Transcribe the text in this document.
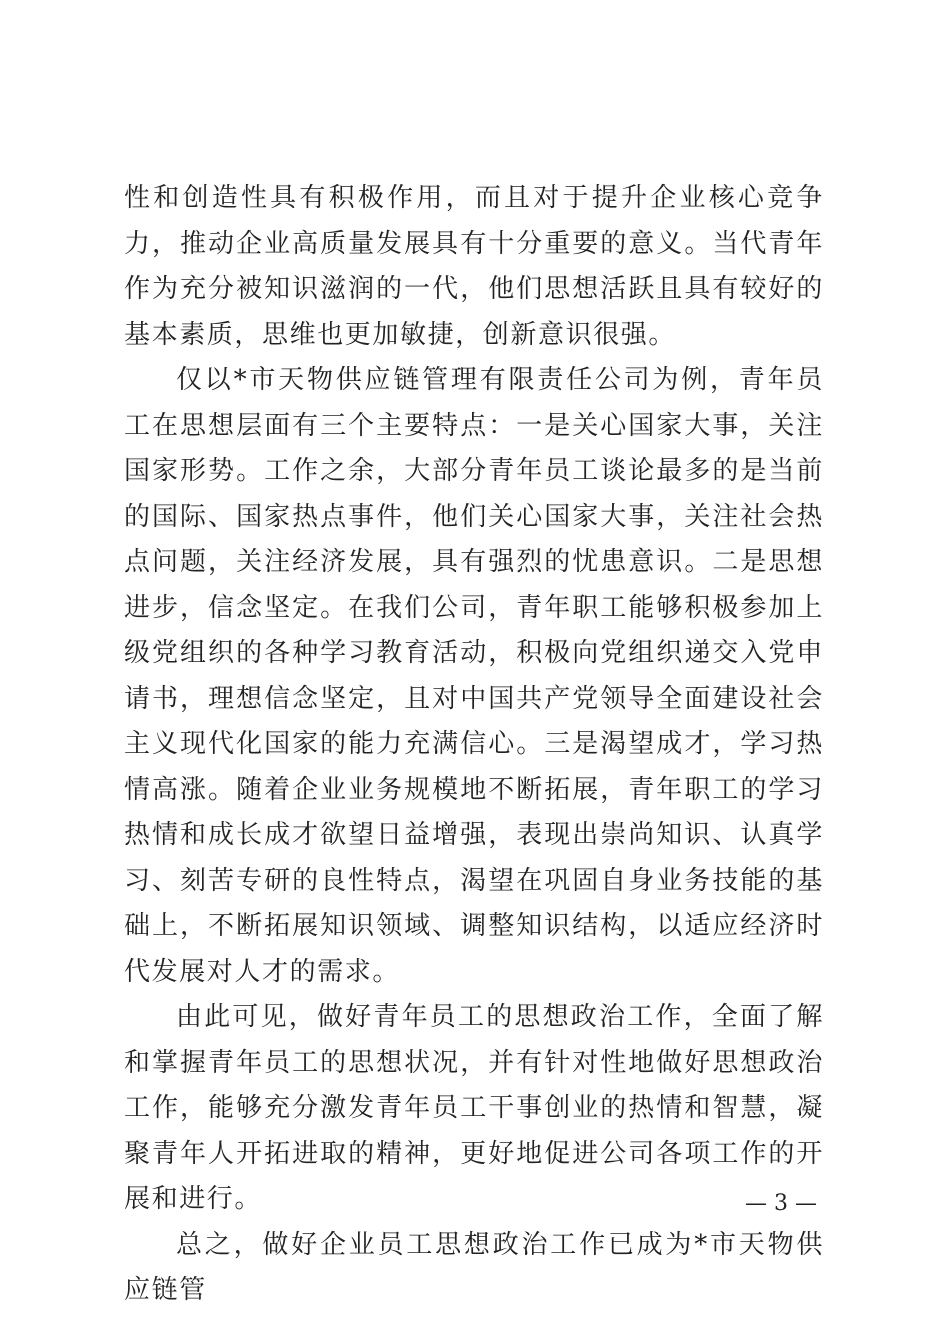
性和创造性具有积极作用，而且对于提升企业核心竞争力，推动企业高质量发展具有十分重要的意义。当代青年作为充分被知识滋润的一代，他们思想活跃且具有较好的基本素质，思维也更加敏捷，创新意识很强。

仅以*市天物供应链管理有限责任公司为例，青年员工在思想层面有三个主要特点：一是关心国家大事，关注国家形势。工作之余，大部分青年员工谈论最多的是当前的国际、国家热点事件，他们关心国家大事，关注社会热点问题，关注经济发展，具有强烈的忧患意识。二是思想进步，信念坚定。在我们公司，青年职工能够积极参加上级党组织的各种学习教育活动，积极向党组织递交入党申请书，理想信念坚定，且对中国共产党领导全面建设社会主义现代化国家的能力充满信心。三是渴望成才，学习热情高涨。随着企业业务规模地不断拓展，青年职工的学习热情和成长成才欲望日益增强，表现出崇尚知识、认真学习、刻苦专研的良性特点，渴望在巩固自身业务技能的基础上，不断拓展知识领域、调整知识结构，以适应经济时代发展对人才的需求。

由此可见，做好青年员工的思想政治工作，全面了解和掌握青年员工的思想状况，并有针对性地做好思想政治工作，能够充分激发青年员工干事创业的热情和智慧，凝聚青年人开拓进取的精神，更好地促进公司各项工作的开展和进行。

总之，做好企业员工思想政治工作已成为*市天物供应链管

— 3 —
